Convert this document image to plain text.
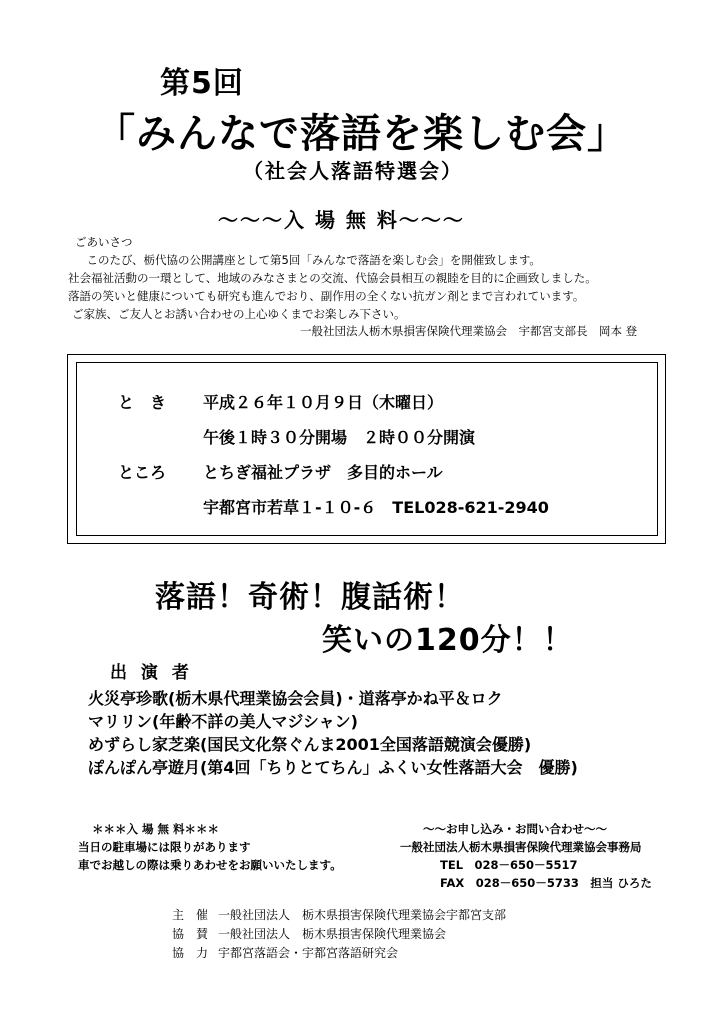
第5回
「みんなで落語を楽しむ会」
（社会人落語特選会）
～～～入 場 無 料～～～
ごあいさつ
　このたび、栃代協の公開講座として第5回「みんなで落語を楽しむ会」を開催致します。
社会福祉活動の一環として、地域のみなさまとの交流、代協会員相互の親睦を目的に企画致しました。
落語の笑いと健康についても研究も進んでおり、副作用の全くない抗ガン剤とまで言われています。
ご家族、ご友人とお誘い合わせの上心ゆくまでお楽しみ下さい。
一般社団法人栃木県損害保険代理業協会　宇都宮支部長　岡本 登
と　き 平成２６年１０月９日（木曜日）
午後１時３０分開場　２時００分開演
ところ とちぎ福祉プラザ　多目的ホール
宇都宮市若草１-１０-６　TEL028-621-2940
落語！奇術！腹話術！
笑いの120分！！
出 演 者
火災亭珍歌(栃木県代理業協会会員)・道落亭かね平＆ロク
マリリン(年齢不詳の美人マジシャン)
めずらし家芝楽(国民文化祭ぐんま2001全国落語競演会優勝)
ぽんぽん亭遊月(第4回「ちりとてちん」ふくい女性落語大会　優勝)
＊＊＊入 場 無 料＊＊＊
当日の駐車場には限りがあります
車でお越しの際は乗りあわせをお願いいたします。
～～お申し込み・お問い合わせ～～
一般社団法人栃木県損害保険代理業協会事務局
TEL　028－650－5517
FAX　028－650－5733　担当 ひろた
主　催 一般社団法人　栃木県損害保険代理業協会宇都宮支部
協　賛 一般社団法人　栃木県損害保険代理業協会
協　力 宇都宮落語会・宇都宮落語研究会
